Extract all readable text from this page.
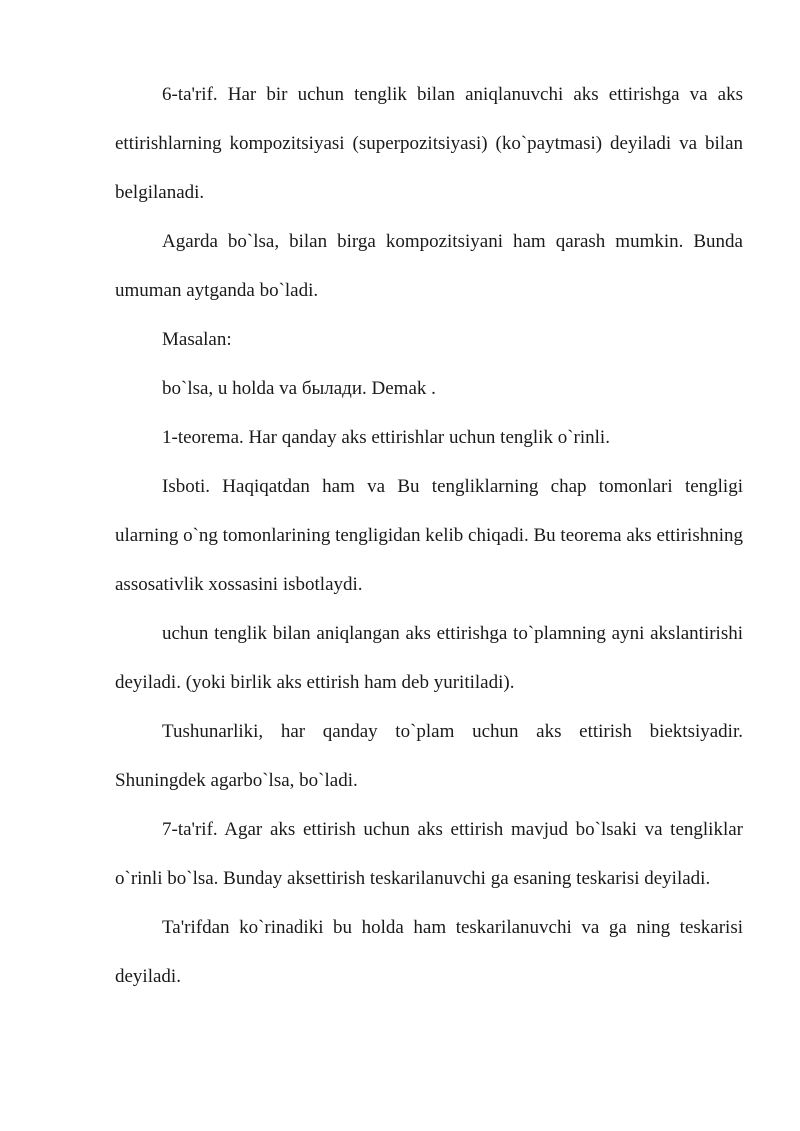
6-ta'rif. Har bir uchun tenglik bilan aniqlanuvchi aks ettirishga va aks ettirishlarning kompozitsiyasi (superpozitsiyasi) (ko`paytmasi) deyiladi va bilan belgilanadi.

Agarda bo`lsa, bilan birga kompozitsiyani ham qarash mumkin. Bunda umuman aytganda bo`ladi.

Masalan:

bo`lsa, u holda va былади. Demak .

1-teorema. Har qanday aks ettirishlar uchun tenglik o`rinli.

Isboti. Haqiqatdan ham va Bu tengliklarning chap tomonlari tengligi ularning o`ng tomonlarining tengligidan kelib chiqadi. Bu teorema aks ettirishning assosativlik xossasini isbotlaydi.

uchun tenglik bilan aniqlangan aks ettirishga to`plamning ayni akslantirishi deyiladi. (yoki birlik aks ettirish ham deb yuritiladi).

Tushunarliki, har qanday to`plam uchun aks ettirish biektsiyadir. Shuningdek agarbo`lsa, bo`ladi.

7-ta'rif. Agar aks ettirish uchun aks ettirish mavjud bo`lsaki va tengliklar o`rinli bo`lsa. Bunday aksettirish teskarilanuvchi ga esaning teskarisi deyiladi.

Ta'rifdan ko`rinadiki bu holda ham teskarilanuvchi va ga ning teskarisi deyiladi.
